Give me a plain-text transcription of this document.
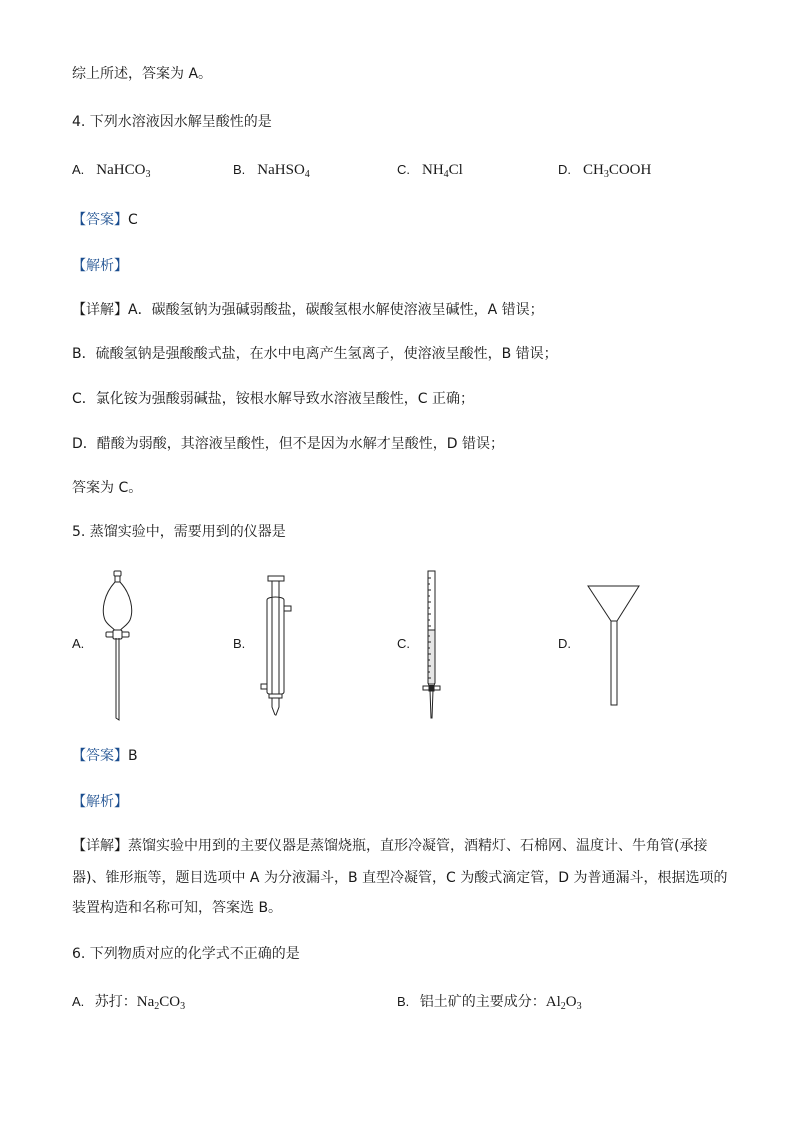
综上所述，答案为 A。
4. 下列水溶液因水解呈酸性的是
A. NaHCO$_3$	B. NaHSO$_4$	C. $NH_4Cl$	D. $CH_3COOH$
【答案】C
【解析】
【详解】A．碳酸氢钠为强碱弱酸盐，碳酸氢根水解使溶液呈碱性，A 错误；
B．硫酸氢钠是强酸酸式盐，在水中电离产生氢离子，使溶液呈酸性，B 错误；
C．氯化铵为强酸弱碱盐，铵根水解导致水溶液呈酸性，C 正确；
D．醋酸为弱酸，其溶液呈酸性，但不是因为水解才呈酸性，D 错误；
答案为 C。
5. 蒸馏实验中，需要用到的仪器是
A.	B.	C.	D.
【答案】B
【解析】
【详解】蒸馏实验中用到的主要仪器是蒸馏烧瓶，直形冷凝管，酒精灯、石棉网、温度计、牛角管(承接
器)、锥形瓶等，题目选项中 A 为分液漏斗，B 直型冷凝管，C 为酸式滴定管，D 为普通漏斗，根据选项的
装置构造和名称可知，答案选 B。
6. 下列物质对应的化学式不正确的是
A. 苏打：$Na_2CO_3$	B. 铝土矿的主要成分：$Al_2O_3$
